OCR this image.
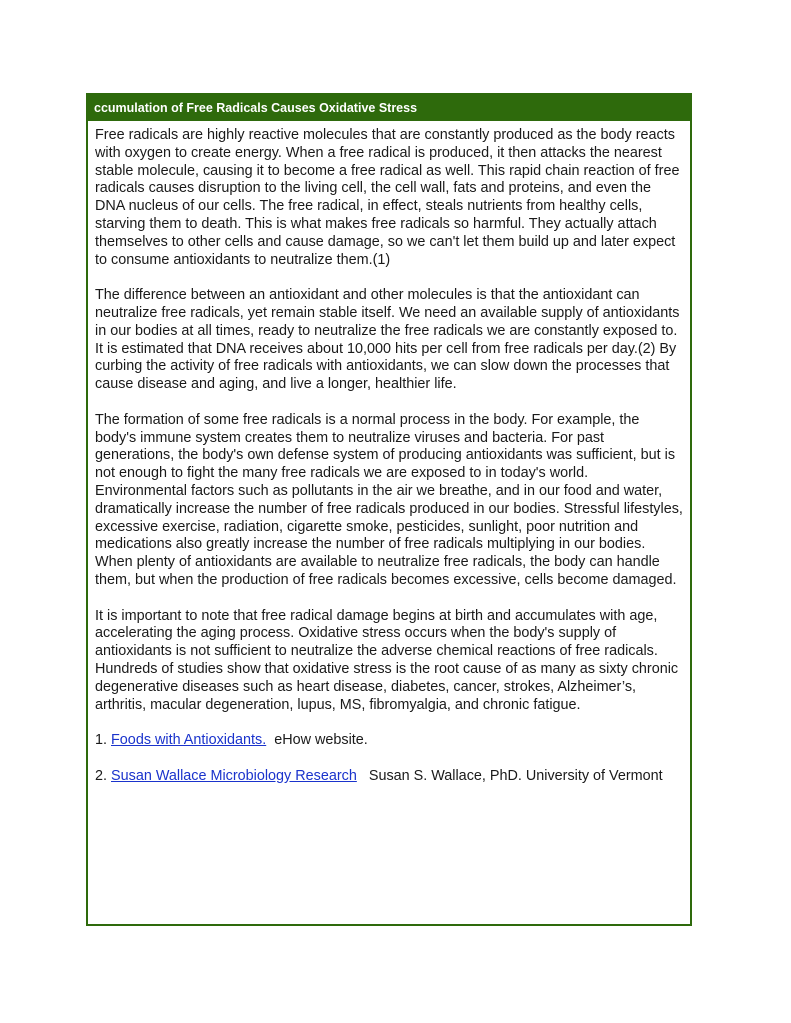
ccumulation of Free Radicals Causes Oxidative Stress

Free radicals are highly reactive molecules that are constantly produced as the body reacts with oxygen to create energy. When a free radical is produced, it then attacks the nearest stable molecule, causing it to become a free radical as well. This rapid chain reaction of free radicals causes disruption to the living cell, the cell wall, fats and proteins, and even the DNA nucleus of our cells. The free radical, in effect, steals nutrients from healthy cells, starving them to death. This is what makes free radicals so harmful. They actually attach themselves to other cells and cause damage, so we can't let them build up and later expect to consume antioxidants to neutralize them.(1)

The difference between an antioxidant and other molecules is that the antioxidant can neutralize free radicals, yet remain stable itself. We need an available supply of antioxidants in our bodies at all times, ready to neutralize the free radicals we are constantly exposed to. It is estimated that DNA receives about 10,000 hits per cell from free radicals per day.(2) By curbing the activity of free radicals with antioxidants, we can slow down the processes that cause disease and aging, and live a longer, healthier life.

The formation of some free radicals is a normal process in the body. For example, the body's immune system creates them to neutralize viruses and bacteria. For past generations, the body's own defense system of producing antioxidants was sufficient, but is not enough to fight the many free radicals we are exposed to in today's world. Environmental factors such as pollutants in the air we breathe, and in our food and water, dramatically increase the number of free radicals produced in our bodies. Stressful lifestyles, excessive exercise, radiation, cigarette smoke, pesticides, sunlight, poor nutrition and medications also greatly increase the number of free radicals multiplying in our bodies. When plenty of antioxidants are available to neutralize free radicals, the body can handle them, but when the production of free radicals becomes excessive, cells become damaged.

It is important to note that free radical damage begins at birth and accumulates with age, accelerating the aging process. Oxidative stress occurs when the body's supply of antioxidants is not sufficient to neutralize the adverse chemical reactions of free radicals. Hundreds of studies show that oxidative stress is the root cause of as many as sixty chronic degenerative diseases such as heart disease, diabetes, cancer, strokes, Alzheimer’s, arthritis, macular degeneration, lupus, MS, fibromyalgia, and chronic fatigue.

1. Foods with Antioxidants. eHow website.

2. Susan Wallace Microbiology Research Susan S. Wallace, PhD. University of Vermont
